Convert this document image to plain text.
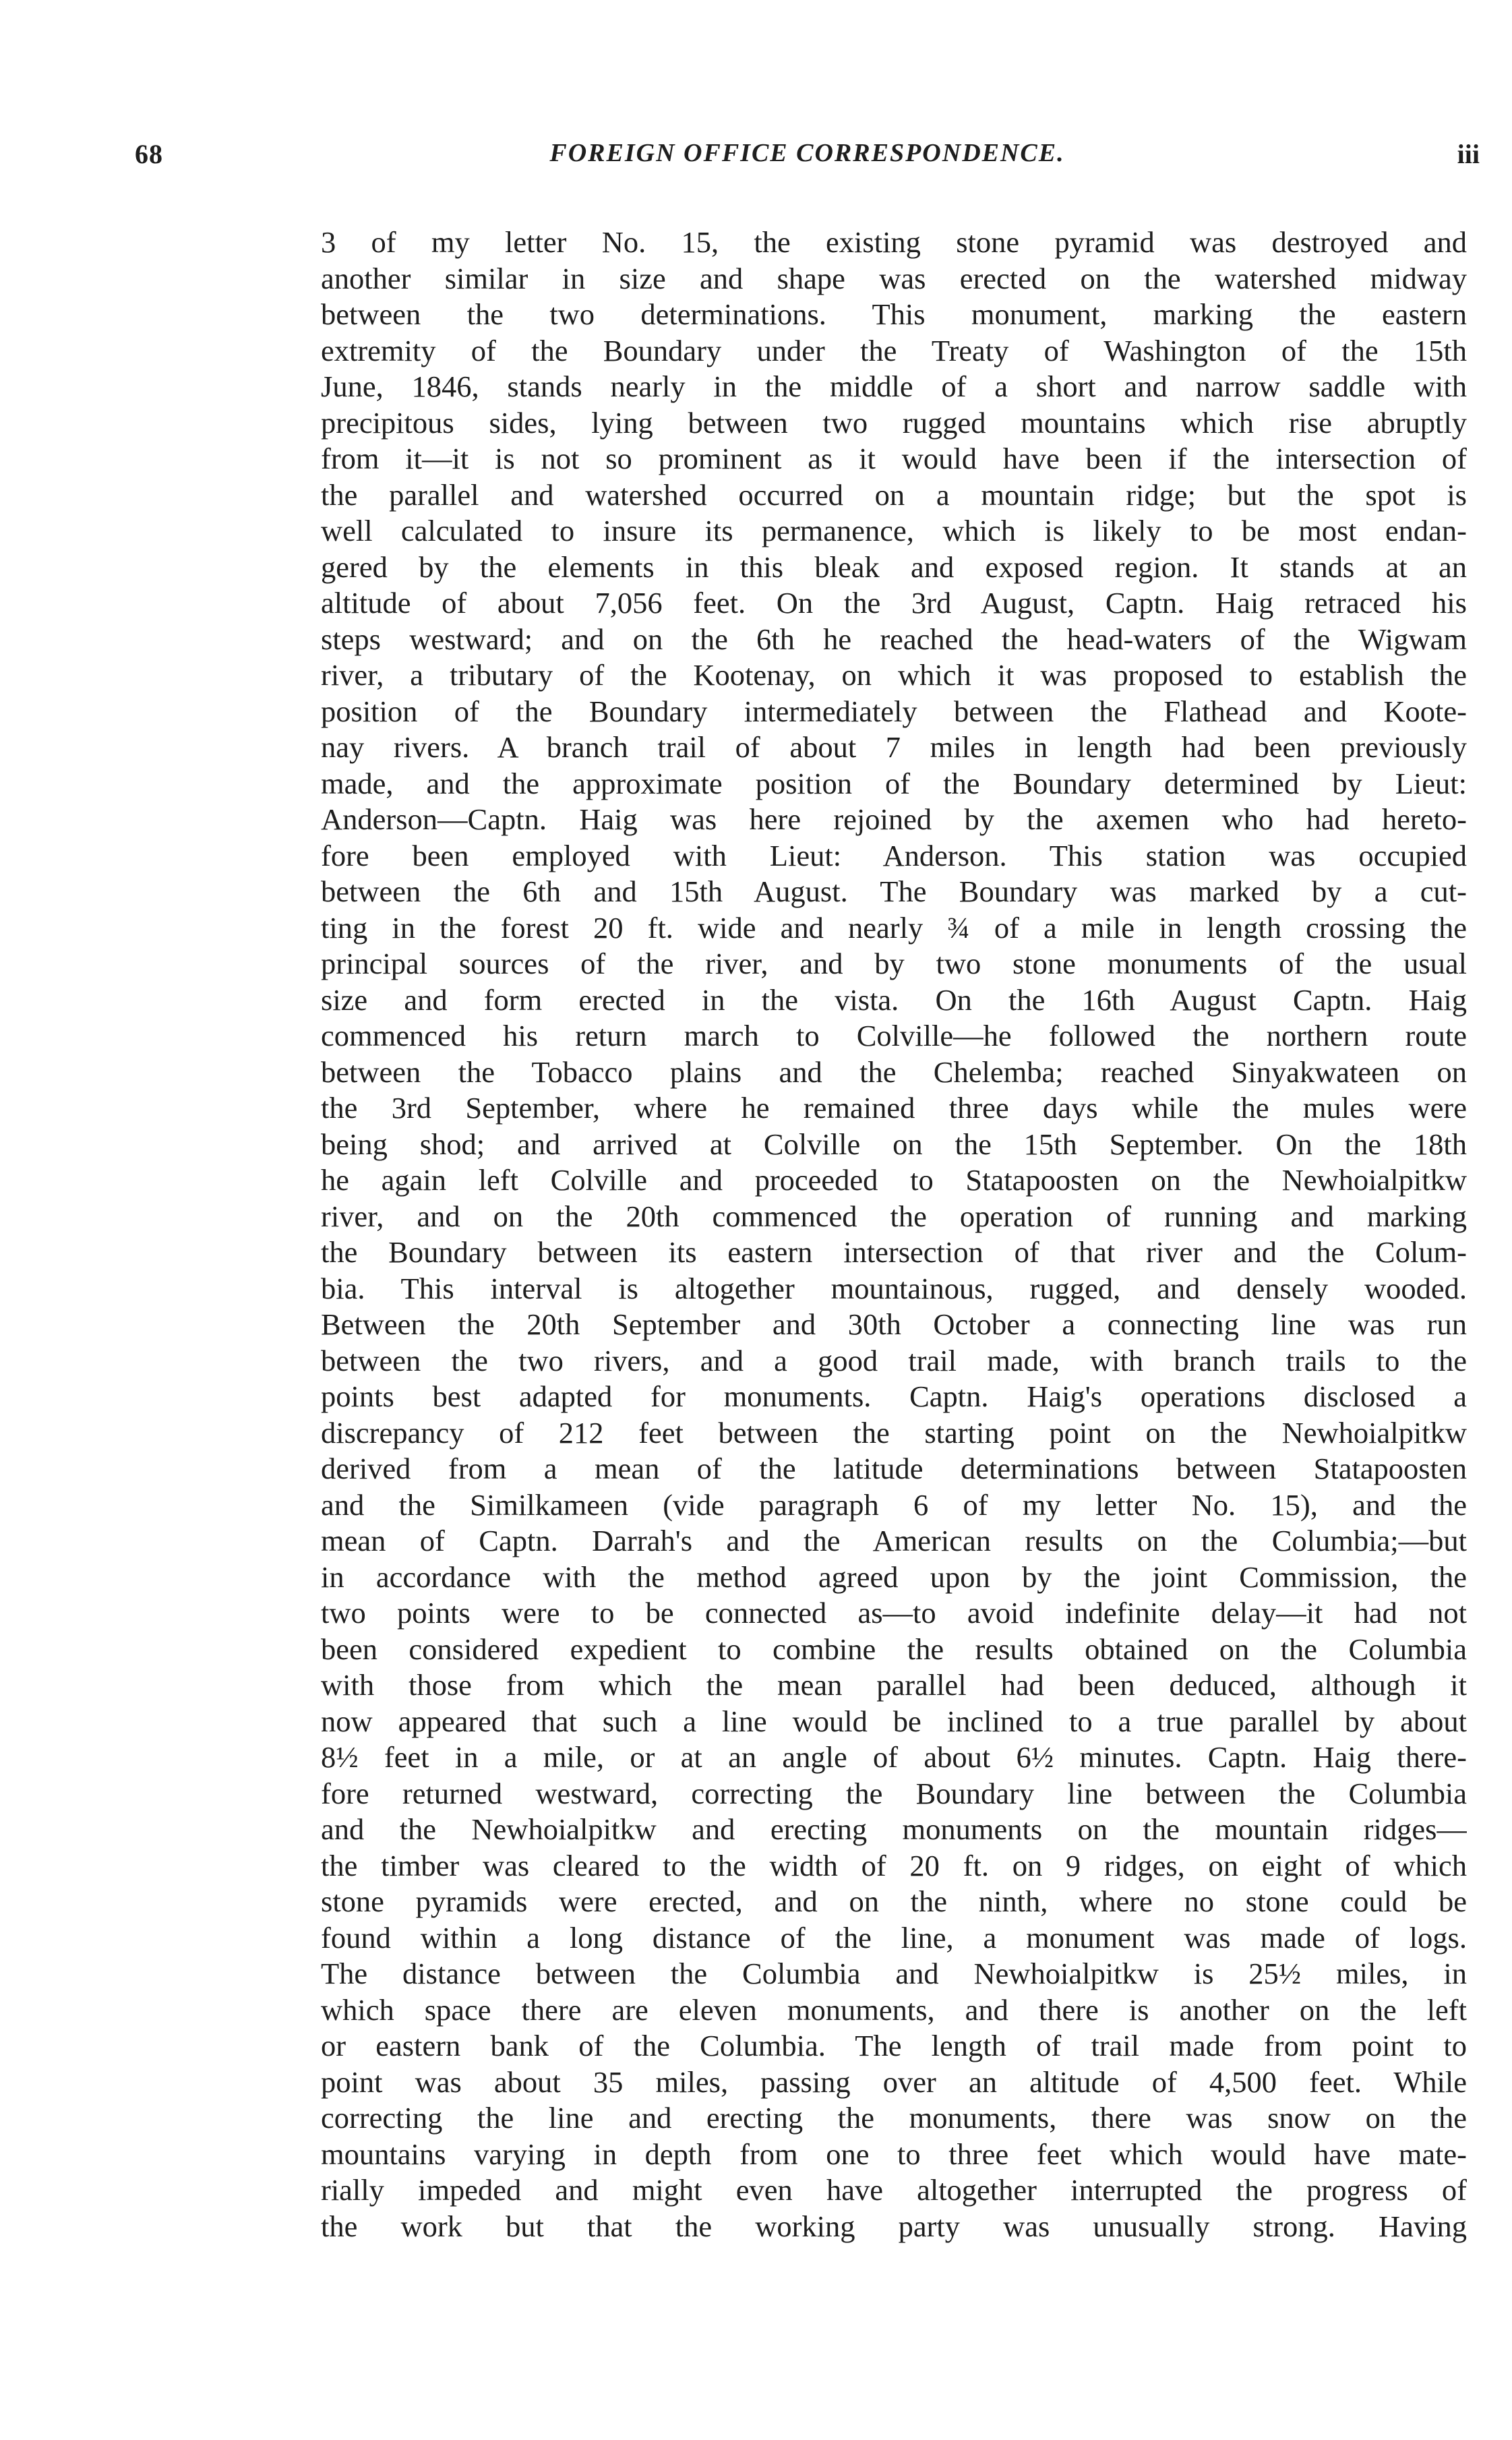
68	FOREIGN OFFICE CORRESPONDENCE.	iii
3 of my letter No. 15, the existing stone pyramid was destroyed and
another similar in size and shape was erected on the watershed midway
between the two determinations. This monument, marking the eastern
extremity of the Boundary under the Treaty of Washington of the 15th
June, 1846, stands nearly in the middle of a short and narrow saddle with
precipitous sides, lying between two rugged mountains which rise abruptly
from it—it is not so prominent as it would have been if the intersection of
the parallel and watershed occurred on a mountain ridge; but the spot is
well calculated to insure its permanence, which is likely to be most endan-
gered by the elements in this bleak and exposed region. It stands at an
altitude of about 7,056 feet. On the 3rd August, Captn. Haig retraced his
steps westward; and on the 6th he reached the head-waters of the Wigwam
river, a tributary of the Kootenay, on which it was proposed to establish the
position of the Boundary intermediately between the Flathead and Koote-
nay rivers. A branch trail of about 7 miles in length had been previously
made, and the approximate position of the Boundary determined by Lieut:
Anderson—Captn. Haig was here rejoined by the axemen who had hereto-
fore been employed with Lieut: Anderson. This station was occupied
between the 6th and 15th August. The Boundary was marked by a cut-
ting in the forest 20 ft. wide and nearly ¾ of a mile in length crossing the
principal sources of the river, and by two stone monuments of the usual
size and form erected in the vista. On the 16th August Captn. Haig
commenced his return march to Colville—he followed the northern route
between the Tobacco plains and the Chelemba; reached Sinyakwateen on
the 3rd September, where he remained three days while the mules were
being shod; and arrived at Colville on the 15th September. On the 18th
he again left Colville and proceeded to Statapoosten on the Newhoialpitkw
river, and on the 20th commenced the operation of running and marking
the Boundary between its eastern intersection of that river and the Colum-
bia. This interval is altogether mountainous, rugged, and densely wooded.
Between the 20th September and 30th October a connecting line was run
between the two rivers, and a good trail made, with branch trails to the
points best adapted for monuments. Captn. Haig's operations disclosed a
discrepancy of 212 feet between the starting point on the Newhoialpitkw
derived from a mean of the latitude determinations between Statapoosten
and the Similkameen (vide paragraph 6 of my letter No. 15), and the
mean of Captn. Darrah's and the American results on the Columbia;—but
in accordance with the method agreed upon by the joint Commission, the
two points were to be connected as—to avoid indefinite delay—it had not
been considered expedient to combine the results obtained on the Columbia
with those from which the mean parallel had been deduced, although it
now appeared that such a line would be inclined to a true parallel by about
8½ feet in a mile, or at an angle of about 6½ minutes. Captn. Haig there-
fore returned westward, correcting the Boundary line between the Columbia
and the Newhoialpitkw and erecting monuments on the mountain ridges—
the timber was cleared to the width of 20 ft. on 9 ridges, on eight of which
stone pyramids were erected, and on the ninth, where no stone could be
found within a long distance of the line, a monument was made of logs.
The distance between the Columbia and Newhoialpitkw is 25½ miles, in
which space there are eleven monuments, and there is another on the left
or eastern bank of the Columbia. The length of trail made from point to
point was about 35 miles, passing over an altitude of 4,500 feet. While
correcting the line and erecting the monuments, there was snow on the
mountains varying in depth from one to three feet which would have mate-
rially impeded and might even have altogether interrupted the progress of
the work but that the working party was unusually strong. Having
